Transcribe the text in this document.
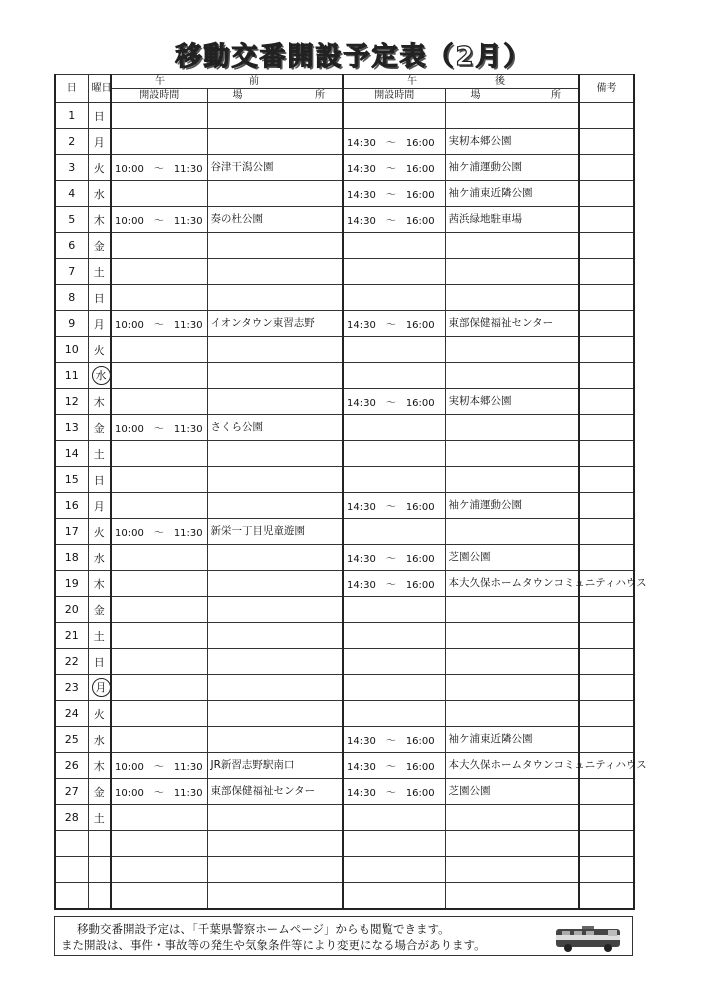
移動交番開設予定表（2月）
日	曜日	午 前		午 後		備考
		開設時間	場 所	開設時間	場 所	

1	日					
2	月			14:30　～　16:00	実籾本郷公園	
3	火	10:00　～　11:30	谷津干潟公園	14:30　～　16:00	袖ケ浦運動公園	
4	水			14:30　～　16:00	袖ケ浦東近隣公園	
5	木	10:00　～　11:30	奏の杜公園	14:30　～　16:00	茜浜緑地駐車場	
6	金					
7	土					
8	日					
9	月	10:00　～　11:30	イオンタウン東習志野	14:30　～　16:00	東部保健福祉センター	
10	火					
11	水					
12	木			14:30　～　16:00	実籾本郷公園	
13	金	10:00　～　11:30	さくら公園			
14	土					
15	日					
16	月			14:30　～　16:00	袖ケ浦運動公園	
17	火	10:00　～　11:30	新栄一丁目児童遊園			
18	水			14:30　～　16:00	芝園公園	
19	木			14:30　～　16:00	本大久保ホームタウンコミュニティハウス	
20	金					
21	土					
22	日					
23	月					
24	火					
25	水			14:30　～　16:00	袖ケ浦東近隣公園	
26	木	10:00　～　11:30	JR新習志野駅南口	14:30　～　16:00	本大久保ホームタウンコミュニティハウス	
27	金	10:00　～　11:30	東部保健福祉センター	14:30　～　16:00	芝園公園	
28	土					

移動交番開設予定は、「千葉県警察ホームページ」からも閲覧できます。
また開設は、事件・事故等の発生や気象条件等により変更になる場合があります。
